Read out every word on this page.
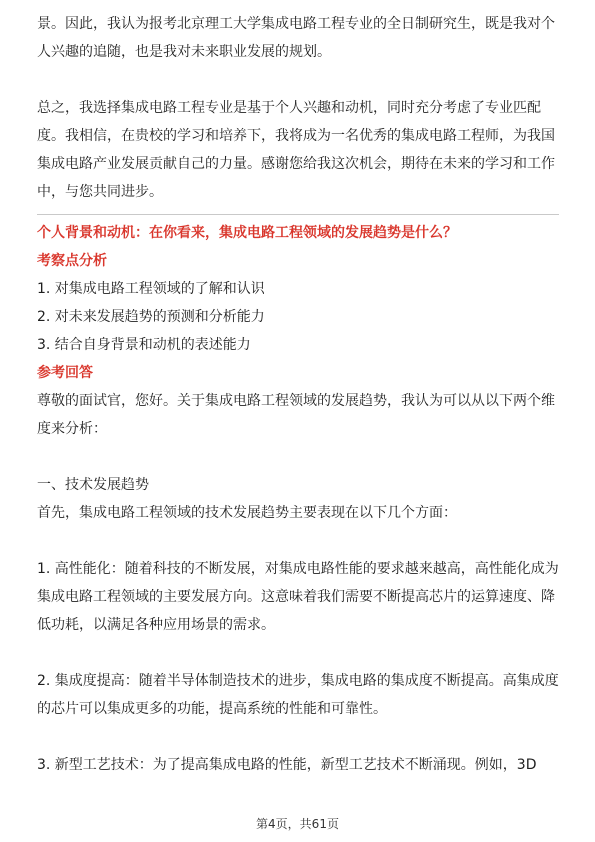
景。因此，我认为报考北京理工大学集成电路工程专业的全日制研究生，既是我对个人兴趣的追随，也是我对未来职业发展的规划。

总之，我选择集成电路工程专业是基于个人兴趣和动机，同时充分考虑了专业匹配度。我相信，在贵校的学习和培养下，我将成为一名优秀的集成电路工程师，为我国集成电路产业发展贡献自己的力量。感谢您给我这次机会，期待在未来的学习和工作中，与您共同进步。

个人背景和动机：在你看来，集成电路工程领域的发展趋势是什么？

考察点分析

1. 对集成电路工程领域的了解和认识

2. 对未来发展趋势的预测和分析能力

3. 结合自身背景和动机的表述能力

参考回答

尊敬的面试官，您好。关于集成电路工程领域的发展趋势，我认为可以从以下两个维度来分析：

一、技术发展趋势

首先，集成电路工程领域的技术发展趋势主要表现在以下几个方面：

1. 高性能化：随着科技的不断发展，对集成电路性能的要求越来越高，高性能化成为集成电路工程领域的主要发展方向。这意味着我们需要不断提高芯片的运算速度、降低功耗，以满足各种应用场景的需求。

2. 集成度提高：随着半导体制造技术的进步，集成电路的集成度不断提高。高集成度的芯片可以集成更多的功能，提高系统的性能和可靠性。

3. 新型工艺技术：为了提高集成电路的性能，新型工艺技术不断涌现。例如，3D

第4页，共61页
